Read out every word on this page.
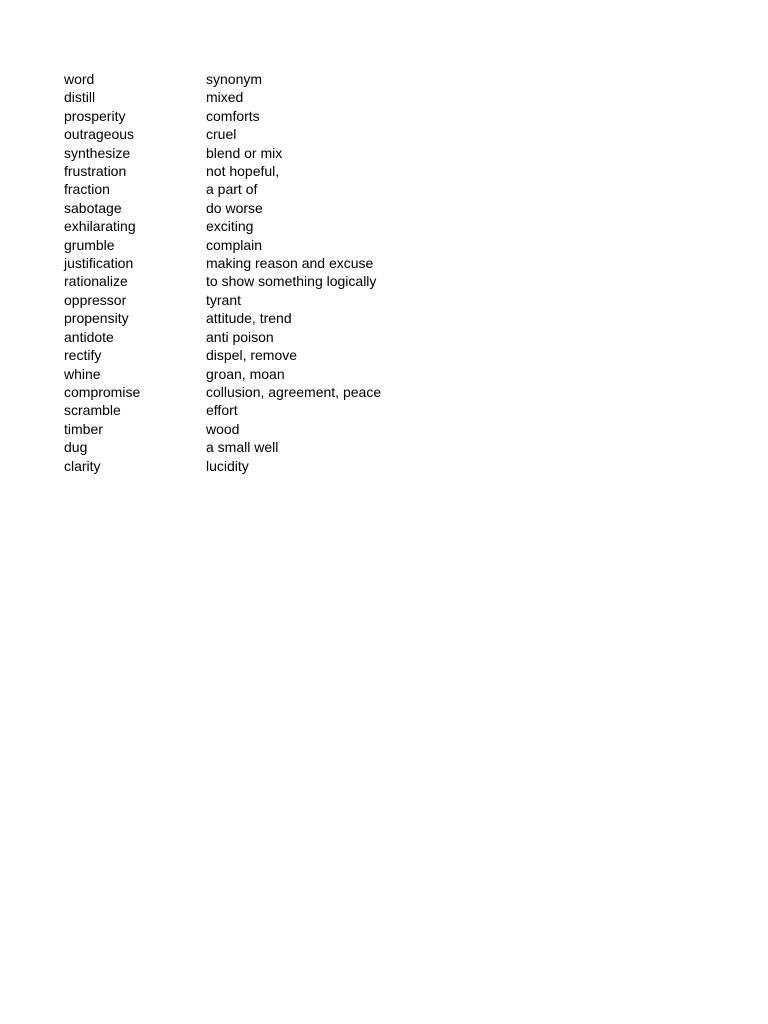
word	synonym
distill	mixed
prosperity	comforts
outrageous	cruel
synthesize	blend or mix
frustration	not hopeful,
fraction	a part of
sabotage	do worse
exhilarating	exciting
grumble	complain
justification	making reason and excuse
rationalize	to show something logically
oppressor	tyrant
propensity	attitude, trend
antidote	anti poison
rectify	dispel, remove
whine	groan, moan
compromise	collusion, agreement, peace
scramble	effort
timber	wood
dug	a small well
clarity	lucidity
